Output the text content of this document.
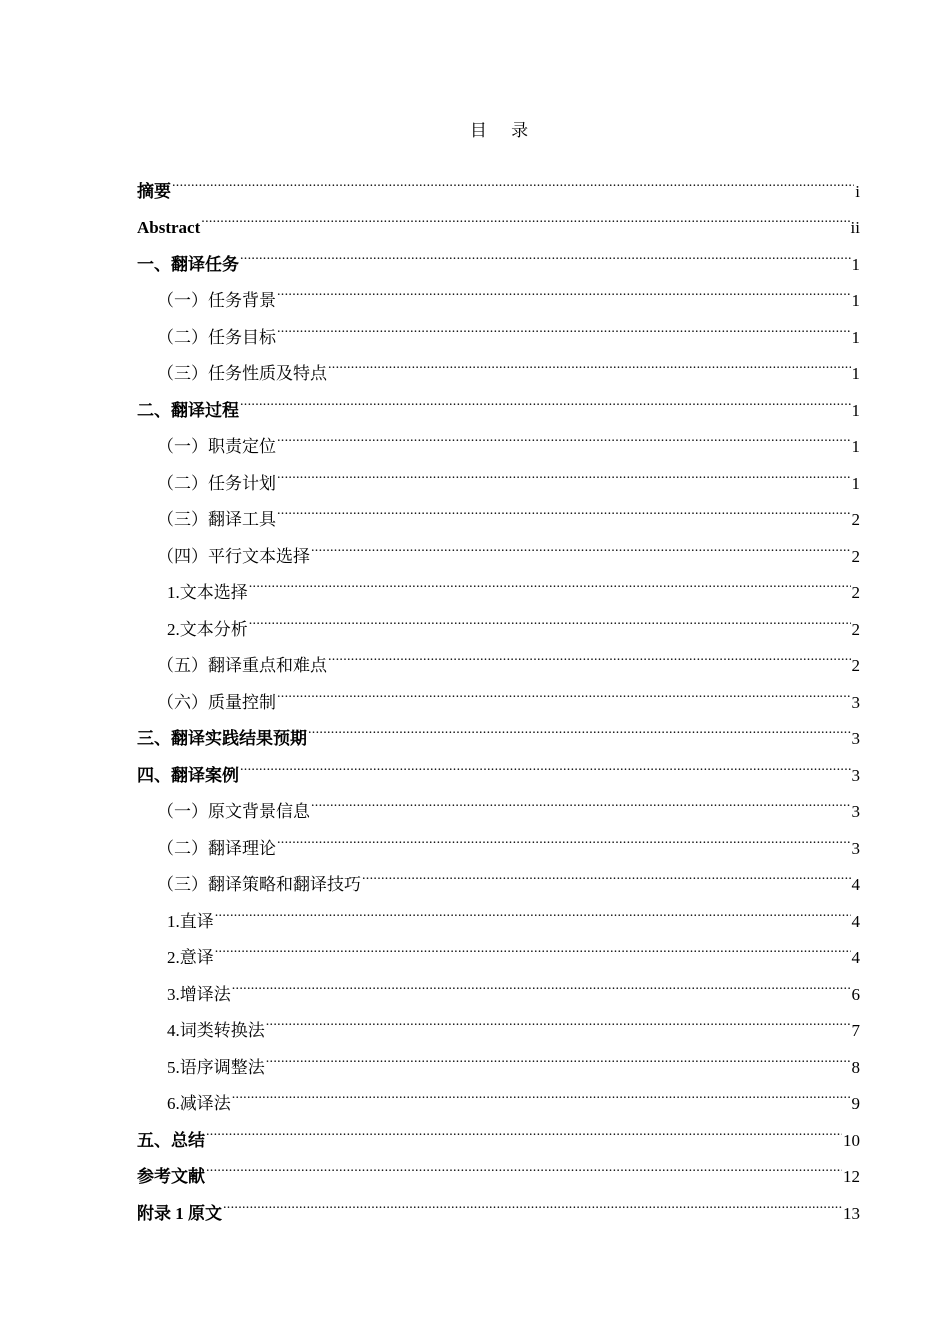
目 录
摘要 .....	i
Abstract .....	ii
一、翻译任务 .....	1
（一）任务背景 .....	1
（二）任务目标 .....	1
（三）任务性质及特点 .....	1
二、翻译过程 .....	1
（一）职责定位 .....	1
（二）任务计划 .....	1
（三）翻译工具 .....	2
（四）平行文本选择 .....	2
1.文本选择 .....	2
2.文本分析 .....	2
（五）翻译重点和难点 .....	2
（六）质量控制 .....	3
三、翻译实践结果预期 .....	3
四、翻译案例 .....	3
（一）原文背景信息 .....	3
（二）翻译理论 .....	3
（三）翻译策略和翻译技巧 .....	4
1.直译 .....	4
2.意译 .....	4
3.增译法 .....	6
4.词类转换法 .....	7
5.语序调整法 .....	8
6.减译法 .....	9
五、总结 .....	10
参考文献 .....	12
附录 1 原文 .....	13
